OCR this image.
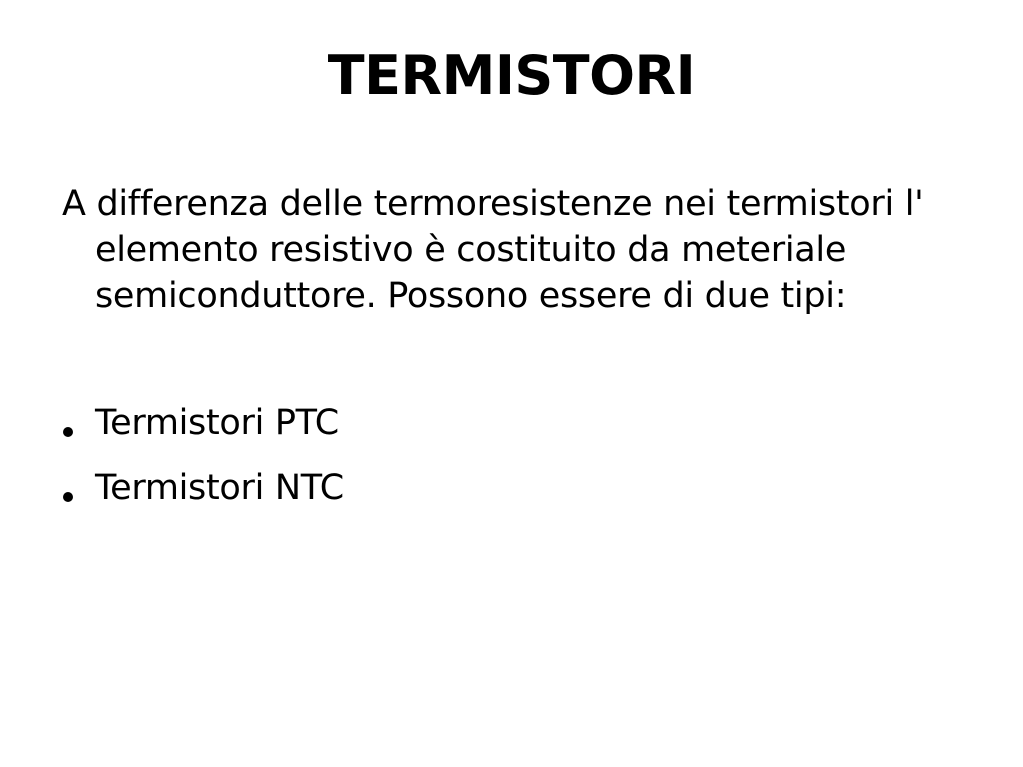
TERMISTORI

A differenza delle termoresistenze nei termistori l' elemento resistivo è costituito da meteriale semiconduttore. Possono essere di due tipi:

Termistori PTC
Termistori NTC
